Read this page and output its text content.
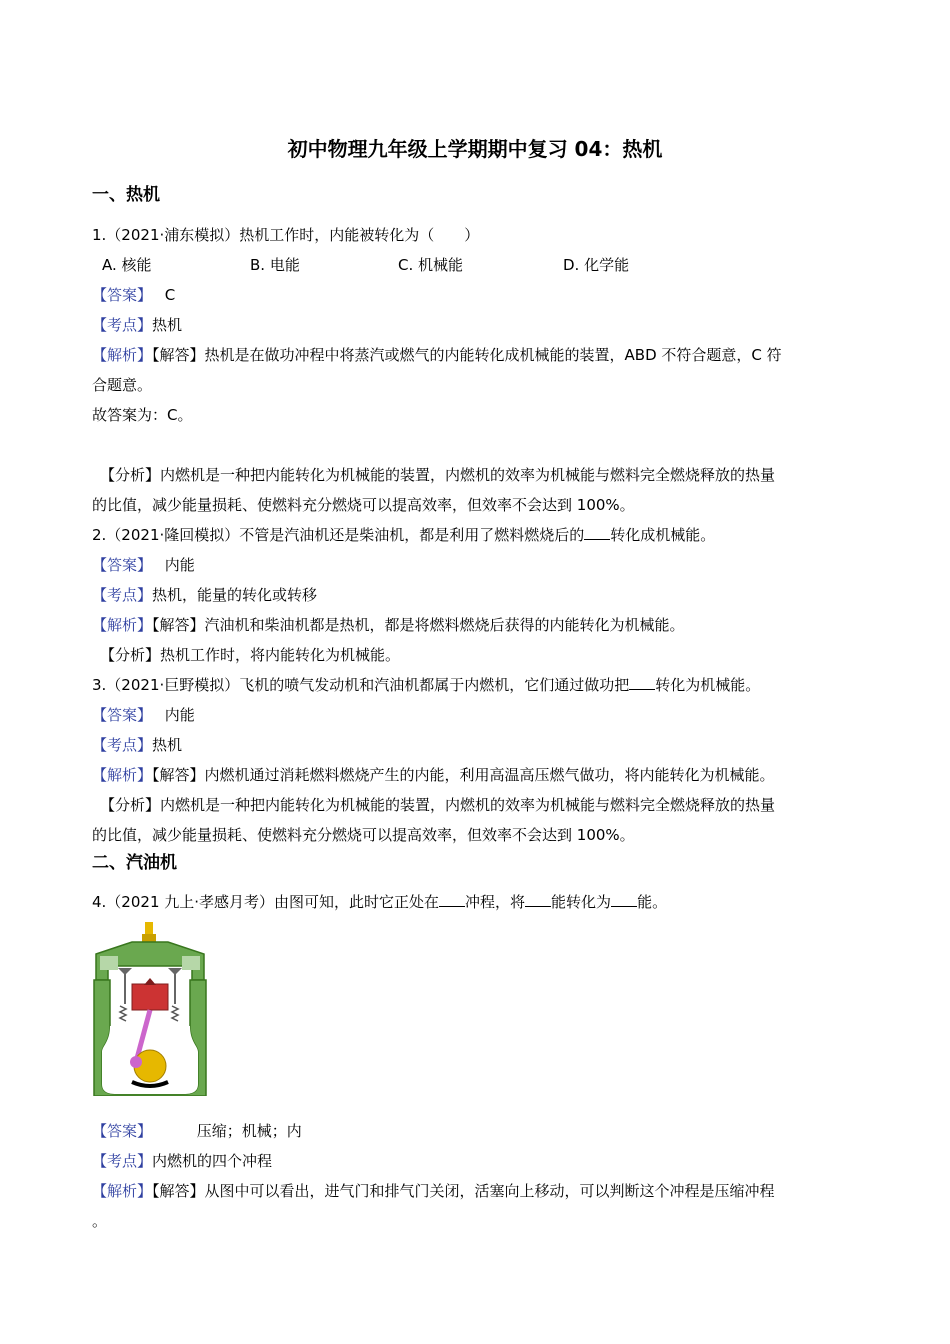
初中物理九年级上学期期中复习 04：热机
一、热机
1.（2021·浦东模拟）热机工作时，内能被转化为（　　）
A. 核能	B. 电能	C. 机械能	D. 化学能
【答案】 C
【考点】热机
【解析】【解答】热机是在做功冲程中将蒸汽或燃气的内能转化成机械能的装置，ABD 不符合题意，C 符
合题意。
故答案为：C。
【分析】内燃机是一种把内能转化为机械能的装置，内燃机的效率为机械能与燃料完全燃烧释放的热量
的比值，减少能量损耗、使燃料充分燃烧可以提高效率，但效率不会达到 100%。
2.（2021·隆回模拟）不管是汽油机还是柴油机，都是利用了燃料燃烧后的 转化成机械能。
【答案】 内能
【考点】热机，能量的转化或转移
【解析】【解答】汽油机和柴油机都是热机，都是将燃料燃烧后获得的内能转化为机械能。
【分析】热机工作时，将内能转化为机械能。
3.（2021·巨野模拟）飞机的喷气发动机和汽油机都属于内燃机，它们通过做功把 转化为机械能。
【答案】 内能
【考点】热机
【解析】【解答】内燃机通过消耗燃料燃烧产生的内能，利用高温高压燃气做功，将内能转化为机械能。
【分析】内燃机是一种把内能转化为机械能的装置，内燃机的效率为机械能与燃料完全燃烧释放的热量
的比值，减少能量损耗、使燃料充分燃烧可以提高效率，但效率不会达到 100%。
二、汽油机
4.（2021 九上·孝感月考）由图可知，此时它正处在 冲程，将 能转化为 能。
【答案】	压缩；机械；内
【考点】内燃机的四个冲程
【解析】【解答】从图中可以看出，进气门和排气门关闭，活塞向上移动，可以判断这个冲程是压缩冲程
。
